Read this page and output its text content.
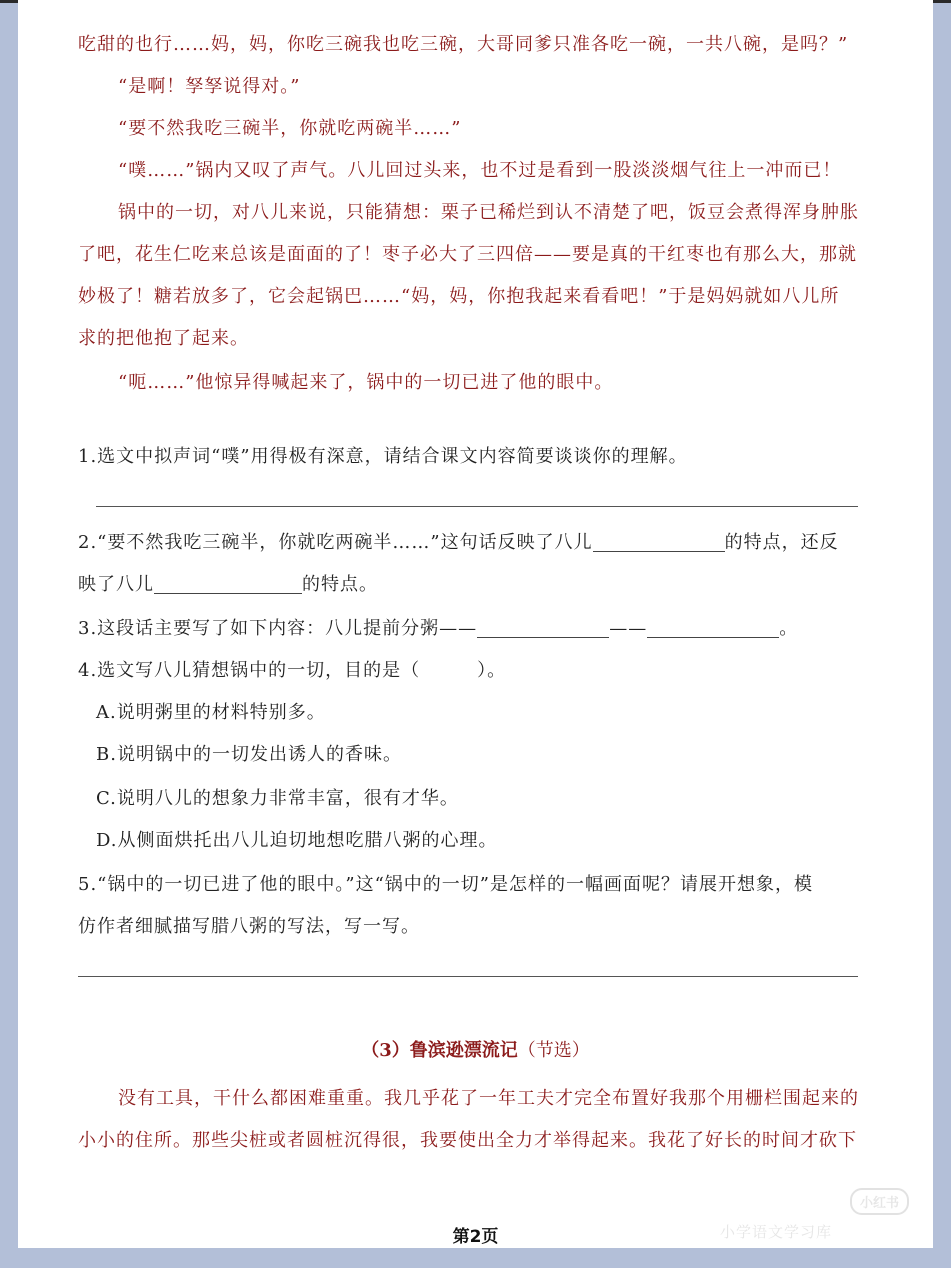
吃甜的也行……妈，妈，你吃三碗我也吃三碗，大哥同爹只准各吃一碗，一共八碗，是吗？”
“是啊！孥孥说得对。”
“要不然我吃三碗半，你就吃两碗半……”
“噗……”锅内又叹了声气。八儿回过头来，也不过是看到一股淡淡烟气往上一冲而已！
锅中的一切，对八儿来说，只能猜想：栗子已稀烂到认不清楚了吧，饭豆会煮得浑身肿胀
了吧，花生仁吃来总该是面面的了！枣子必大了三四倍——要是真的干红枣也有那么大，那就
妙极了！糖若放多了，它会起锅巴……“妈，妈，你抱我起来看看吧！”于是妈妈就如八儿所
求的把他抱了起来。
“呃……”他惊异得喊起来了，锅中的一切已进了他的眼中。
1.选文中拟声词“噗”用得极有深意，请结合课文内容简要谈谈你的理解。
2.“要不然我吃三碗半，你就吃两碗半……”这句话反映了八儿	的特点，还反
映了八儿	的特点。
3.这段话主要写了如下内容：八儿提前分粥——	——	。
4.选文写八儿猜想锅中的一切，目的是（　　　）。
A.说明粥里的材料特别多。
B.说明锅中的一切发出诱人的香味。
C.说明八儿的想象力非常丰富，很有才华。
D.从侧面烘托出八儿迫切地想吃腊八粥的心理。
5.“锅中的一切已进了他的眼中。”这“锅中的一切”是怎样的一幅画面呢？请展开想象，模
仿作者细腻描写腊八粥的写法，写一写。
（3）鲁滨逊漂流记（节选）
没有工具，干什么都困难重重。我几乎花了一年工夫才完全布置好我那个用栅栏围起来的
小小的住所。那些尖桩或者圆桩沉得很，我要使出全力才举得起来。我花了好长的时间才砍下
小红书
小学语文学习库
第2页
